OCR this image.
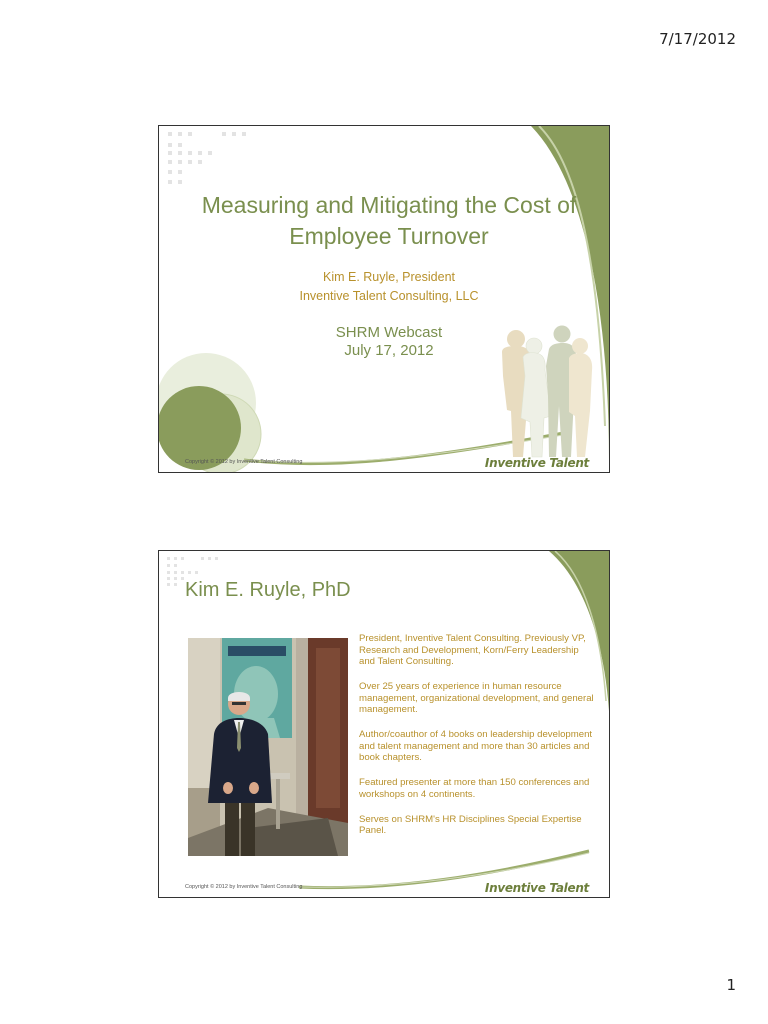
7/17/2012
Measuring and Mitigating the Cost of
Employee Turnover
Kim E. Ruyle, President
Inventive Talent Consulting, LLC
SHRM Webcast
July 17, 2012
Copyright © 2012 by Inventive Talent Consulting	Inventive Talent
Kim E. Ruyle, PhD
President, Inventive Talent Consulting. Previously VP, Research and Development, Korn/Ferry Leadership and Talent Consulting.
Over 25 years of experience in human resource management, organizational development, and general management.
Author/coauthor of 4 books on leadership development and talent management and more than 30 articles and book chapters.
Featured presenter at more than 150 conferences and workshops on 4 continents.
Serves on SHRM's HR Disciplines Special Expertise Panel.
Copyright © 2012 by Inventive Talent Consulting	Inventive Talent
1
